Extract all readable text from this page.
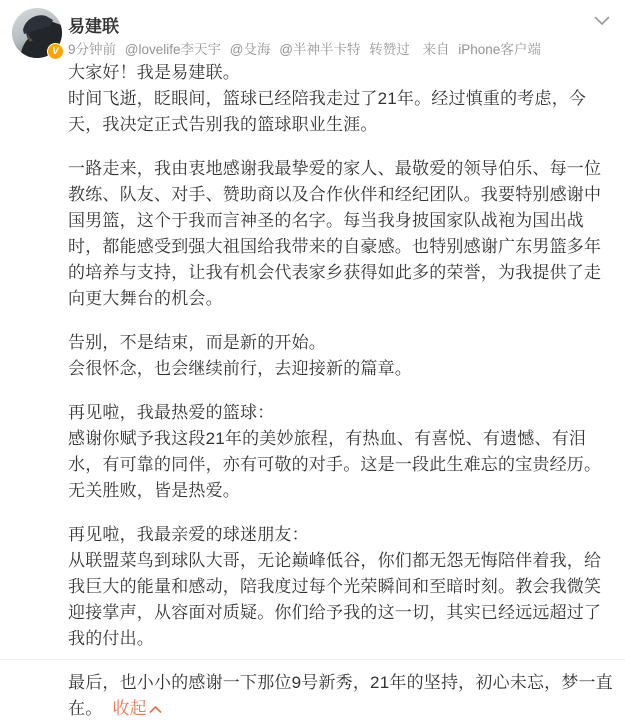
V
易建联
9分钟前 @lovelife李天宇 @殳海 @半神半卡特 转赞过 来自 iPhone客户端
大家好！我是易建联。
时间飞逝，眨眼间，篮球已经陪我走过了21年。经过慎重的考虑，今天，我决定正式告别我的篮球职业生涯。
一路走来，我由衷地感谢我最挚爱的家人、最敬爱的领导伯乐、每一位教练、队友、对手、赞助商以及合作伙伴和经纪团队。我要特别感谢中国男篮，这个于我而言神圣的名字。每当我身披国家队战袍为国出战时，都能感受到强大祖国给我带来的自豪感。也特别感谢广东男篮多年的培养与支持，让我有机会代表家乡获得如此多的荣誉，为我提供了走向更大舞台的机会。
告别，不是结束，而是新的开始。
会很怀念，也会继续前行，去迎接新的篇章。
再见啦，我最热爱的篮球：
感谢你赋予我这段21年的美妙旅程，有热血、有喜悦、有遗憾、有泪水，有可靠的同伴，亦有可敬的对手。这是一段此生难忘的宝贵经历。
无关胜败，皆是热爱。
再见啦，我最亲爱的球迷朋友：
从联盟菜鸟到球队大哥，无论巅峰低谷，你们都无怨无悔陪伴着我，给我巨大的能量和感动，陪我度过每个光荣瞬间和至暗时刻。教会我微笑迎接掌声，从容面对质疑。你们给予我的这一切，其实已经远远超过了我的付出。
最后，也小小的感谢一下那位9号新秀，21年的坚持，初心未忘，梦一直在。 收起
